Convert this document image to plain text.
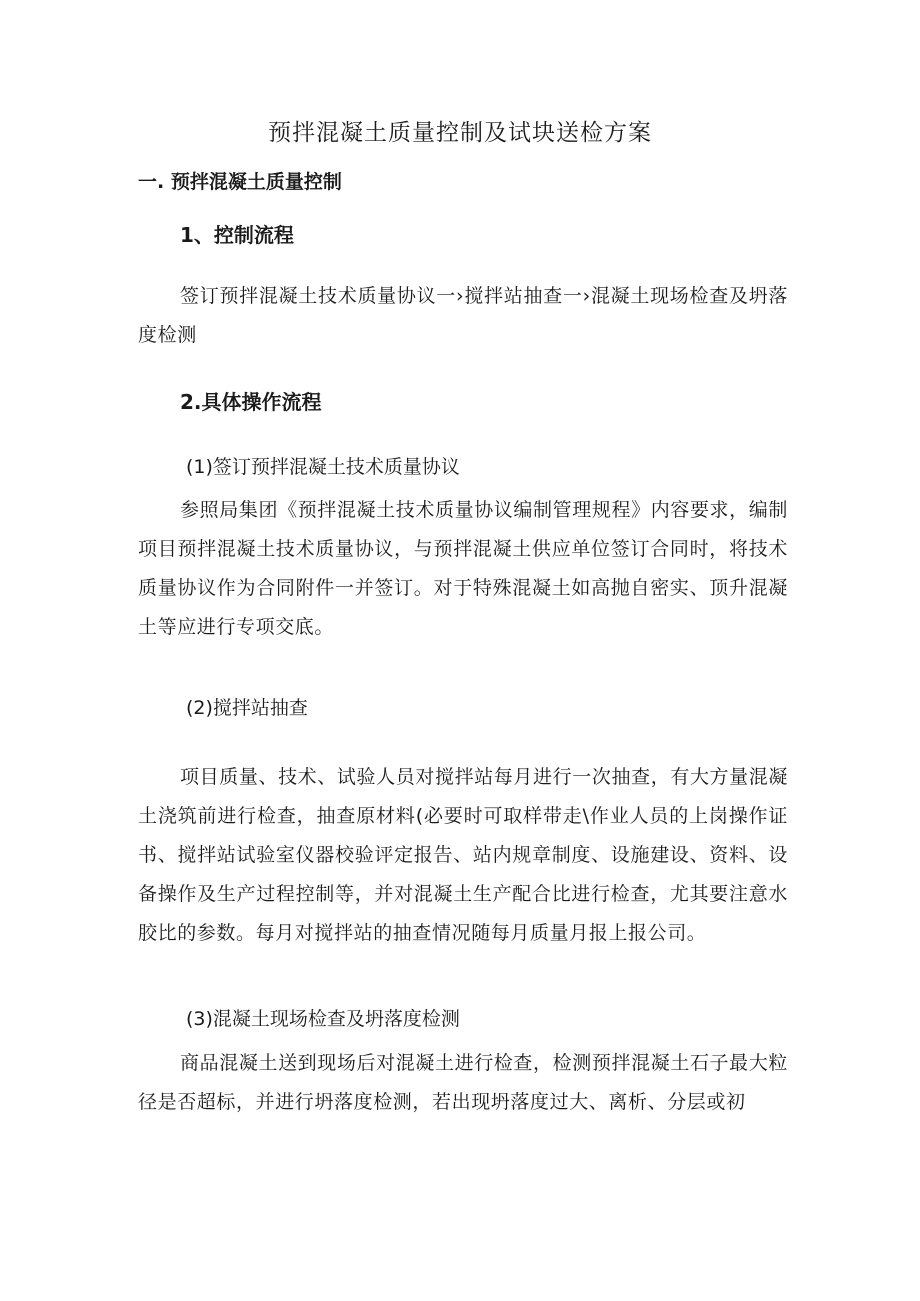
预拌混凝土质量控制及试块送检方案
一. 预拌混凝土质量控制
1、控制流程
签订预拌混凝土技术质量协议一›搅拌站抽查一›混凝土现场检查及坍落度检测
2.具体操作流程
(1)签订预拌混凝土技术质量协议
参照局集团《预拌混凝土技术质量协议编制管理规程》内容要求，编制项目预拌混凝土技术质量协议，与预拌混凝土供应单位签订合同时，将技术质量协议作为合同附件一并签订。对于特殊混凝土如高抛自密实、顶升混凝土等应进行专项交底。
(2)搅拌站抽查
项目质量、技术、试验人员对搅拌站每月进行一次抽查，有大方量混凝土浇筑前进行检查，抽查原材料(必要时可取样带走\作业人员的上岗操作证书、搅拌站试验室仪器校验评定报告、站内规章制度、设施建设、资料、设备操作及生产过程控制等，并对混凝土生产配合比进行检查，尤其要注意水胶比的参数。每月对搅拌站的抽查情况随每月质量月报上报公司。
(3)混凝土现场检查及坍落度检测
商品混凝土送到现场后对混凝土进行检查，检测预拌混凝土石子最大粒径是否超标，并进行坍落度检测，若出现坍落度过大、离析、分层或初
